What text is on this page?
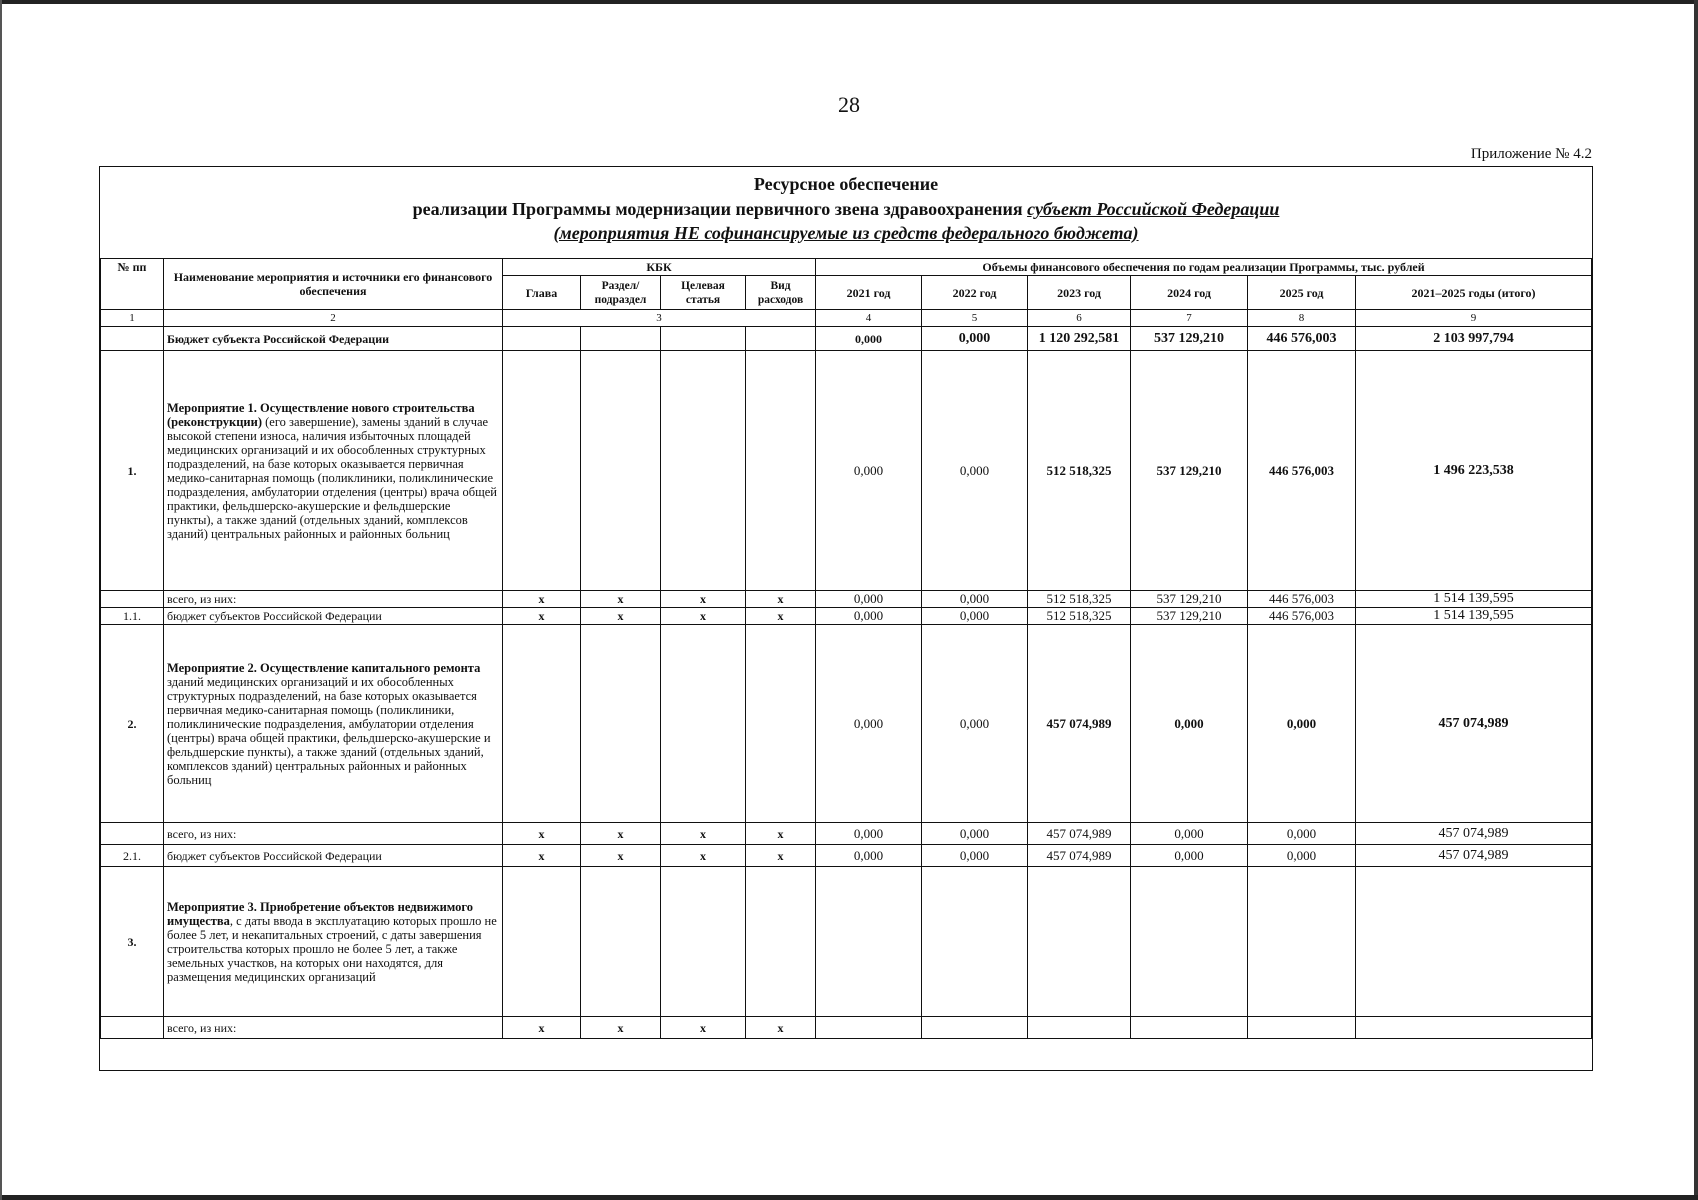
28
Приложение № 4.2
Ресурсное обеспечение
реализации Программы модернизации первичного звена здравоохранения субъект Российской Федерации
(мероприятия НЕ софинансируемые из средств федерального бюджета)
№ пп	Наименование мероприятия и источники его финансового обеспечения	КБК				Объемы финансового обеспечения по годам реализации Программы, тыс. рублей					
		Глава	Раздел/ подраздел	Целевая статья	Вид расходов	2021 год	2022 год	2023 год	2024 год	2025 год	2021–2025 годы (итого)
1	2	3				4	5	6	7	8	9
	Бюджет субъекта Российской Федерации					0,000	0,000	1 120 292,581	537 129,210	446 576,003	2 103 997,794
1.	Мероприятие 1. Осуществление нового строительства (реконструкции) (его завершение), замены зданий в случае высокой степени износа, наличия избыточных площадей медицинских организаций и их обособленных структурных подразделений, на базе которых оказывается первичная медико-санитарная помощь (поликлиники, поликлинические подразделения, амбулатории отделения (центры) врача общей практики, фельдшерско-акушерские и фельдшерские пункты), а также зданий (отдельных зданий, комплексов зданий) центральных районных и районных больниц					0,000	0,000	512 518,325	537 129,210	446 576,003	1 496 223,538
	всего, из них:	x	x	x	x	0,000	0,000	512 518,325	537 129,210	446 576,003	1 514 139,595
1.1.	бюджет субъектов Российской Федерации	x	x	x	x	0,000	0,000	512 518,325	537 129,210	446 576,003	1 514 139,595
2.	Мероприятие 2. Осуществление капитального ремонта зданий медицинских организаций и их обособленных структурных подразделений, на базе которых оказывается первичная медико-санитарная помощь (поликлиники, поликлинические подразделения, амбулатории отделения (центры) врача общей практики, фельдшерско-акушерские и фельдшерские пункты), а также зданий (отдельных зданий, комплексов зданий) центральных районных и районных больниц					0,000	0,000	457 074,989	0,000	0,000	457 074,989
	всего, из них:	x	x	x	x	0,000	0,000	457 074,989	0,000	0,000	457 074,989
2.1.	бюджет субъектов Российской Федерации	x	x	x	x	0,000	0,000	457 074,989	0,000	0,000	457 074,989
3.	Мероприятие 3. Приобретение объектов недвижимого имущества, с даты ввода в эксплуатацию которых прошло не более 5 лет, и некапитальных строений, с даты завершения строительства которых прошло не более 5 лет, а также земельных участков, на которых они находятся, для размещения медицинских организаций										
	всего, из них:	x	x	x	x						
